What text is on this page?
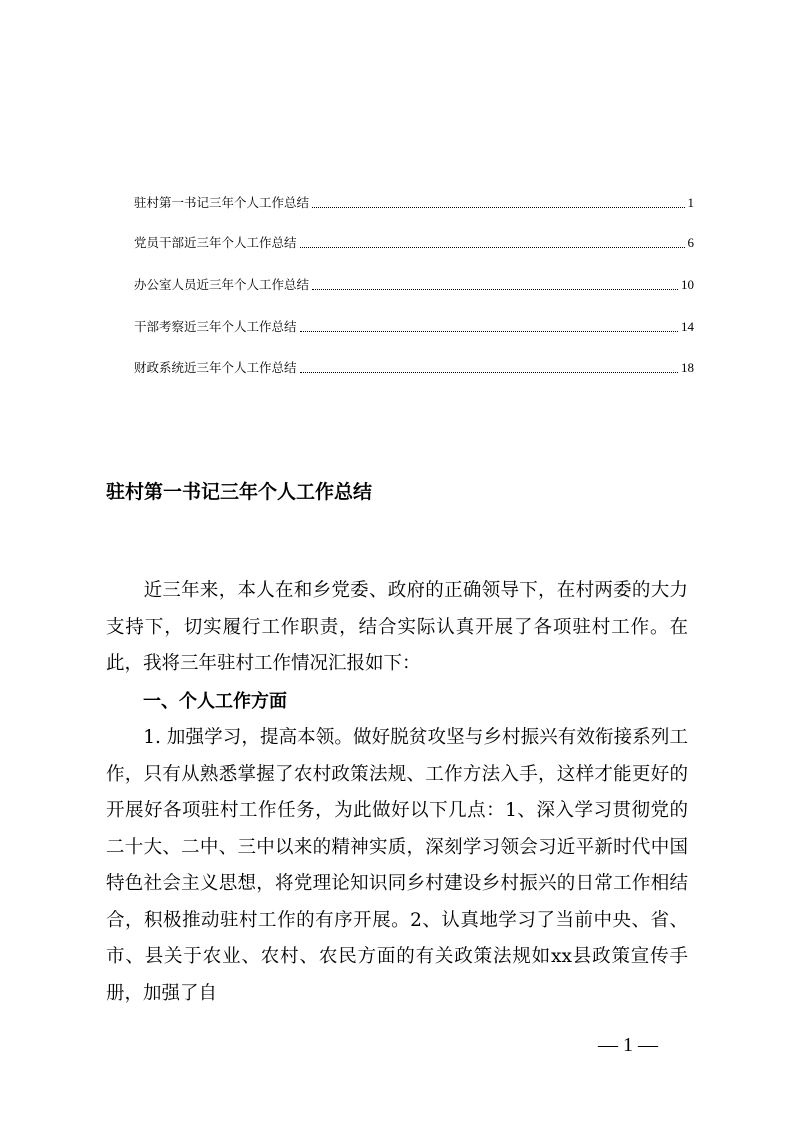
驻村第一书记三年个人工作总结	1
党员干部近三年个人工作总结	6
办公室人员近三年个人工作总结	10
干部考察近三年个人工作总结	14
财政系统近三年个人工作总结	18
驻村第一书记三年个人工作总结

　　近三年来，本人在和乡党委、政府的正确领导下，在村两委的大力支持下，切实履行工作职责，结合实际认真开展了各项驻村工作。在此，我将三年驻村工作情况汇报如下：

一、个人工作方面

　　1. 加强学习，提高本领。做好脱贫攻坚与乡村振兴有效衔接系列工作，只有从熟悉掌握了农村政策法规、工作方法入手，这样才能更好的开展好各项驻村工作任务，为此做好以下几点：1、深入学习贯彻党的二十大、二中、三中以来的精神实质，深刻学习领会习近平新时代中国特色社会主义思想，将党理论知识同乡村建设乡村振兴的日常工作相结合，积极推动驻村工作的有序开展。2、认真地学习了当前中央、省、市、县关于农业、农村、农民方面的有关政策法规如xx县政策宣传手册，加强了自

— 1 —
